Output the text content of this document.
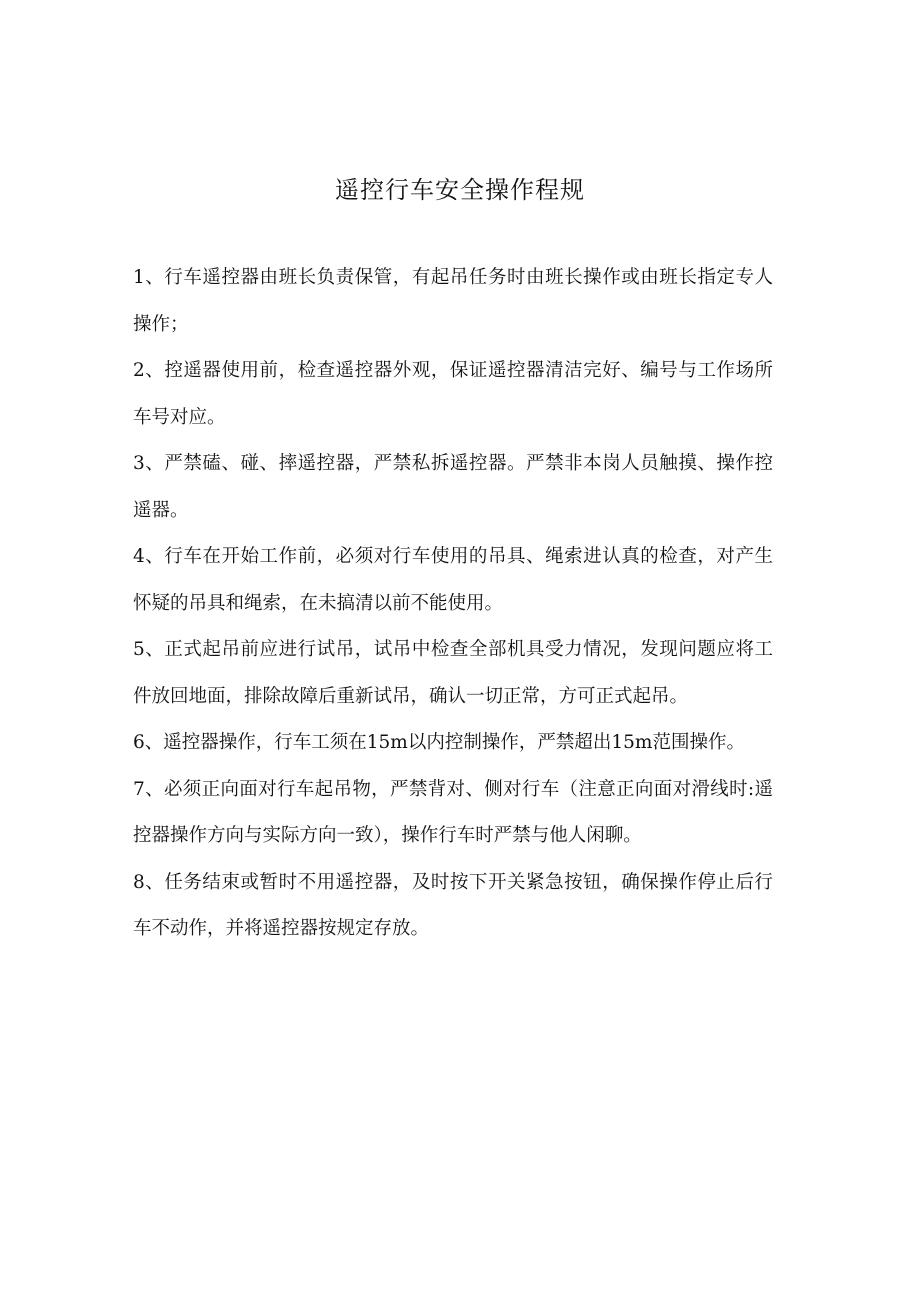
遥控行车安全操作程规
1、行车遥控器由班长负责保管，有起吊任务时由班长操作或由班长指定专人操作；
2、控遥器使用前，检查遥控器外观，保证遥控器清洁完好、编号与工作场所车号对应。
3、严禁磕、碰、摔遥控器，严禁私拆遥控器。严禁非本岗人员触摸、操作控遥器。
4、行车在开始工作前，必须对行车使用的吊具、绳索进认真的检查，对产生怀疑的吊具和绳索，在未搞清以前不能使用。
5、正式起吊前应进行试吊，试吊中检查全部机具受力情况，发现问题应将工件放回地面，排除故障后重新试吊，确认一切正常，方可正式起吊。
6、遥控器操作，行车工须在15m以内控制操作，严禁超出15m范围操作。
7、必须正向面对行车起吊物，严禁背对、侧对行车（注意正向面对滑线时:遥控器操作方向与实际方向一致），操作行车时严禁与他人闲聊。
8、任务结束或暂时不用遥控器，及时按下开关紧急按钮，确保操作停止后行车不动作，并将遥控器按规定存放。
